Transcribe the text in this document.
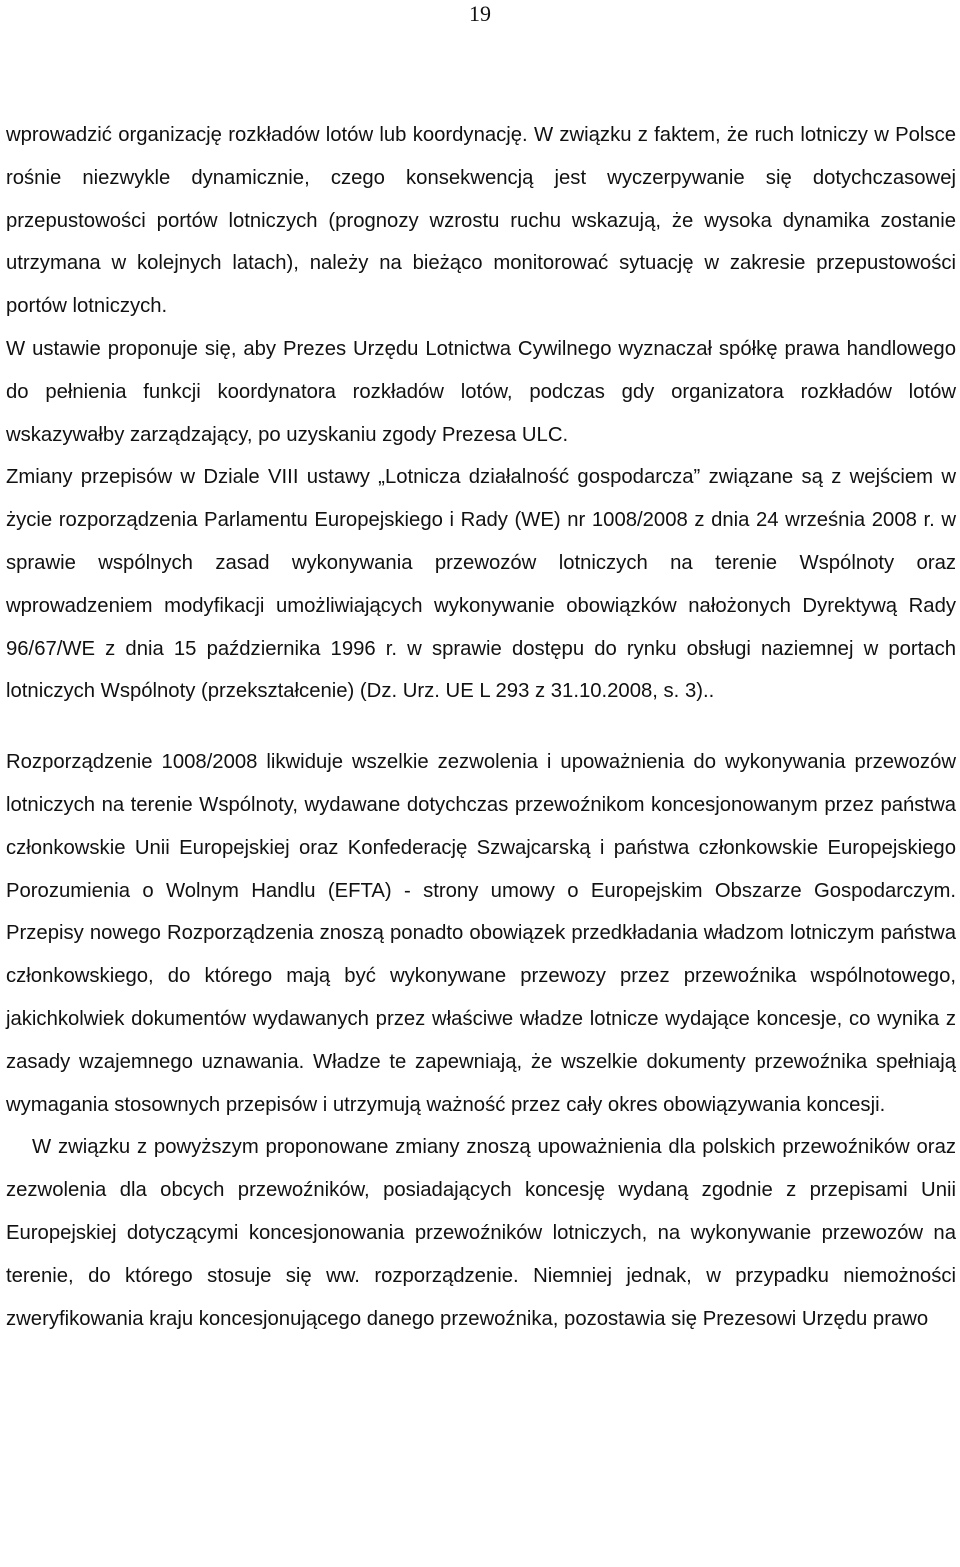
19

wprowadzić organizację rozkładów lotów lub koordynację. W związku z faktem, że ruch lotniczy w Polsce rośnie niezwykle dynamicznie, czego konsekwencją jest wyczerpywanie się dotychczasowej przepustowości portów lotniczych (prognozy wzrostu ruchu wskazują, że wysoka dynamika zostanie utrzymana w kolejnych latach), należy na bieżąco monitorować sytuację w zakresie przepustowości portów lotniczych.

W ustawie proponuje się, aby Prezes Urzędu Lotnictwa Cywilnego wyznaczał spółkę prawa handlowego do pełnienia funkcji koordynatora rozkładów lotów, podczas gdy organizatora rozkładów lotów wskazywałby zarządzający, po uzyskaniu zgody Prezesa ULC.

Zmiany przepisów w Dziale VIII ustawy „Lotnicza działalność gospodarcza” związane są z wejściem w życie rozporządzenia Parlamentu Europejskiego i Rady (WE) nr 1008/2008 z dnia 24 września 2008 r. w sprawie wspólnych zasad wykonywania przewozów lotniczych na terenie Wspólnoty oraz wprowadzeniem modyfikacji umożliwiających wykonywanie obowiązków nałożonych Dyrektywą Rady 96/67/WE z dnia 15 października 1996 r. w sprawie dostępu do rynku obsługi naziemnej w portach lotniczych Wspólnoty (przekształcenie) (Dz. Urz. UE L 293 z 31.10.2008, s. 3)..

Rozporządzenie 1008/2008 likwiduje wszelkie zezwolenia i upoważnienia do wykonywania przewozów lotniczych na terenie Wspólnoty, wydawane dotychczas przewoźnikom koncesjonowanym przez państwa członkowskie Unii Europejskiej oraz Konfederację Szwajcarską i państwa członkowskie Europejskiego Porozumienia o Wolnym Handlu (EFTA) - strony umowy o Europejskim Obszarze Gospodarczym. Przepisy nowego Rozporządzenia znoszą ponadto obowiązek przedkładania władzom lotniczym państwa członkowskiego, do którego mają być wykonywane przewozy przez przewoźnika wspólnotowego, jakichkolwiek dokumentów wydawanych przez właściwe władze lotnicze wydające koncesje, co wynika z zasady wzajemnego uznawania. Władze te zapewniają, że wszelkie dokumenty przewoźnika spełniają wymagania stosownych przepisów i utrzymują ważność przez cały okres obowiązywania koncesji.

W związku z powyższym proponowane zmiany znoszą upoważnienia dla polskich przewoźników oraz zezwolenia dla obcych przewoźników, posiadających koncesję wydaną zgodnie z przepisami Unii Europejskiej dotyczącymi koncesjonowania przewoźników lotniczych, na wykonywanie przewozów na terenie, do którego stosuje się ww. rozporządzenie. Niemniej jednak, w przypadku niemożności zweryfikowania kraju koncesjonującego danego przewoźnika, pozostawia się Prezesowi Urzędu prawo
